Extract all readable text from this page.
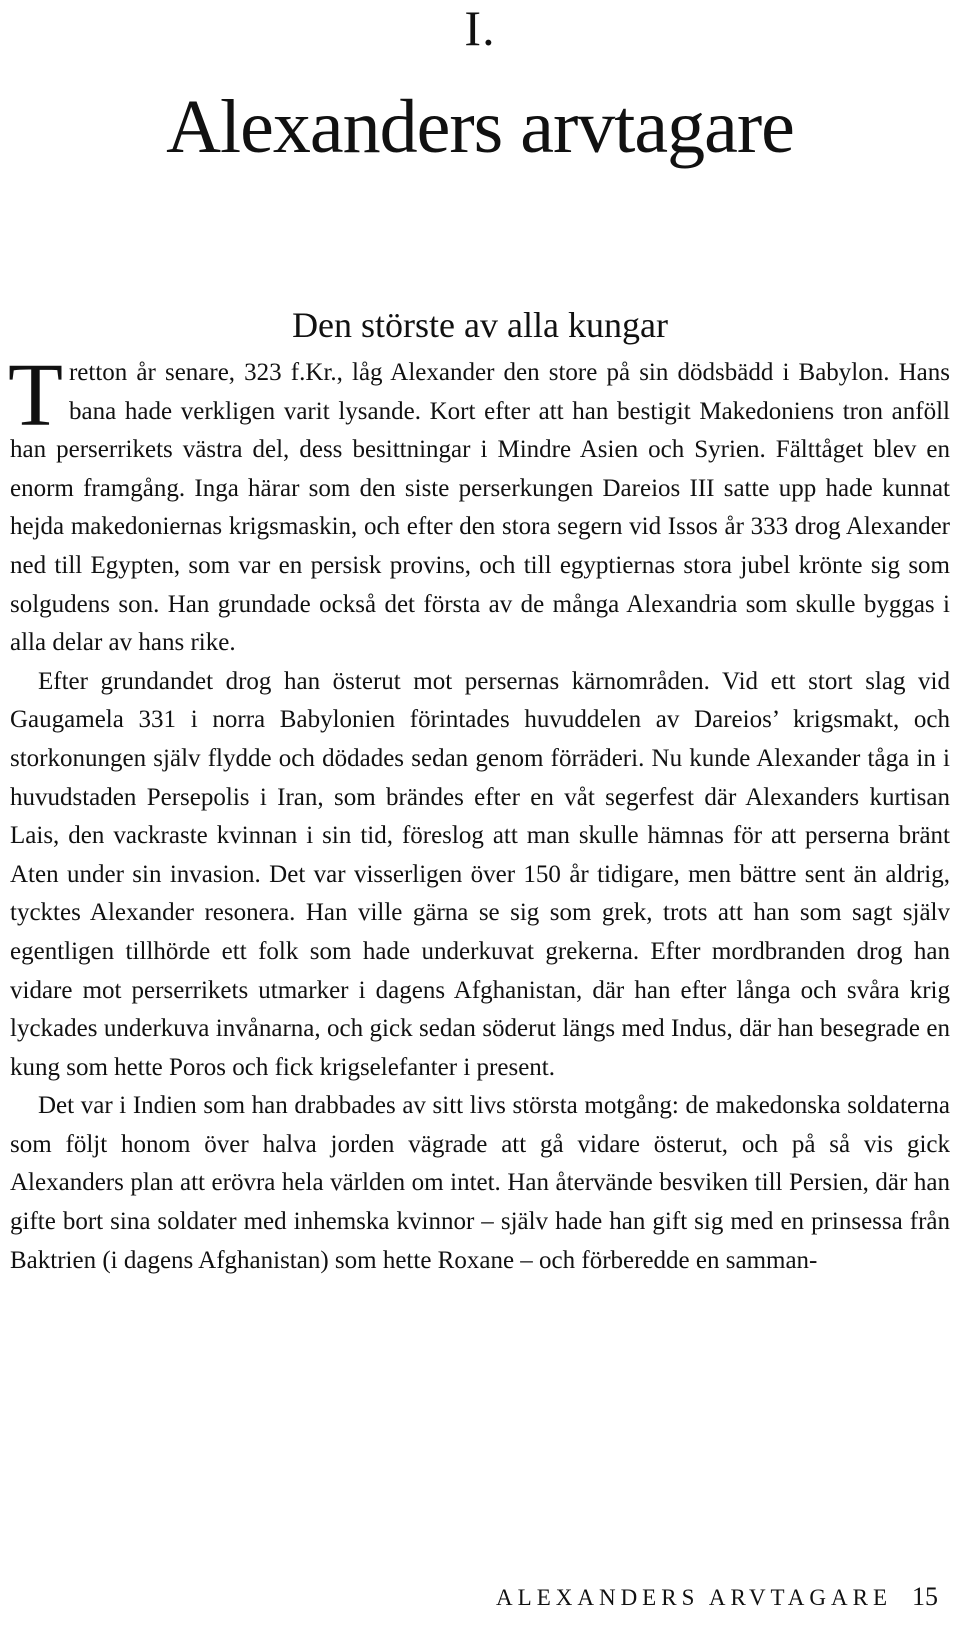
I.
Alexanders arvtagare
Den störste av alla kungar

Tretton år senare, 323 f.Kr., låg Alexander den store på sin dödsbädd i Babylon. Hans bana hade verkligen varit lysande. Kort efter att han bestigit Makedoniens tron anföll han perserrikets västra del, dess besittningar i Mindre Asien och Syrien. Fälttåget blev en enorm framgång. Inga härar som den siste perserkungen Dareios III satte upp hade kunnat hejda makedoniernas krigsmaskin, och efter den stora segern vid Issos år 333 drog Alexander ned till Egypten, som var en persisk provins, och till egyptiernas stora jubel krönte sig som solgudens son. Han grundade också det första av de många Alexandria som skulle byggas i alla delar av hans rike.

Efter grundandet drog han österut mot persernas kärnområden. Vid ett stort slag vid Gaugamela 331 i norra Babylonien förintades huvuddelen av Dareios’ krigsmakt, och storkonungen själv flydde och dödades sedan genom förräderi. Nu kunde Alexander tåga in i huvudstaden Persepolis i Iran, som brändes efter en våt segerfest där Alexanders kurtisan Lais, den vackraste kvinnan i sin tid, föreslog att man skulle hämnas för att perserna bränt Aten under sin invasion. Det var visserligen över 150 år tidigare, men bättre sent än aldrig, tycktes Alexander resonera. Han ville gärna se sig som grek, trots att han som sagt själv egentligen tillhörde ett folk som hade underkuvat grekerna. Efter mordbranden drog han vidare mot perserrikets utmarker i dagens Afghanistan, där han efter långa och svåra krig lyckades underkuva invånarna, och gick sedan söderut längs med Indus, där han besegrade en kung som hette Poros och fick krigselefanter i present.

Det var i Indien som han drabbades av sitt livs största motgång: de makedonska soldaterna som följt honom över halva jorden vägrade att gå vidare österut, och på så vis gick Alexanders plan att erövra hela världen om intet. Han återvände besviken till Persien, där han gifte bort sina soldater med inhemska kvinnor – själv hade han gift sig med en prinsessa från Baktrien (i dagens Afghanistan) som hette Roxane – och förberedde en samman-

ALEXANDERS ARVTAGARE 15
